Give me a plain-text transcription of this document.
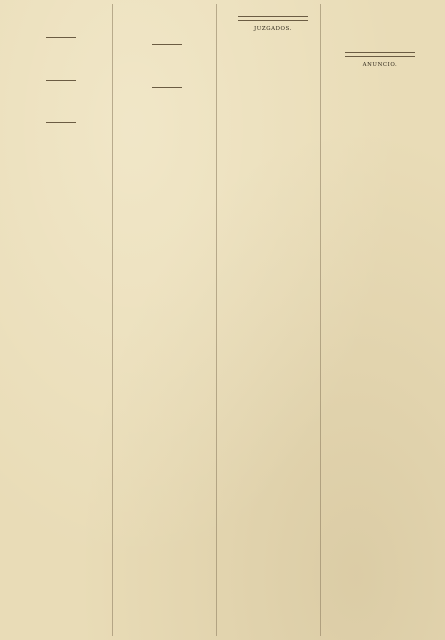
JUZGADOS.

ANUNCIO.
